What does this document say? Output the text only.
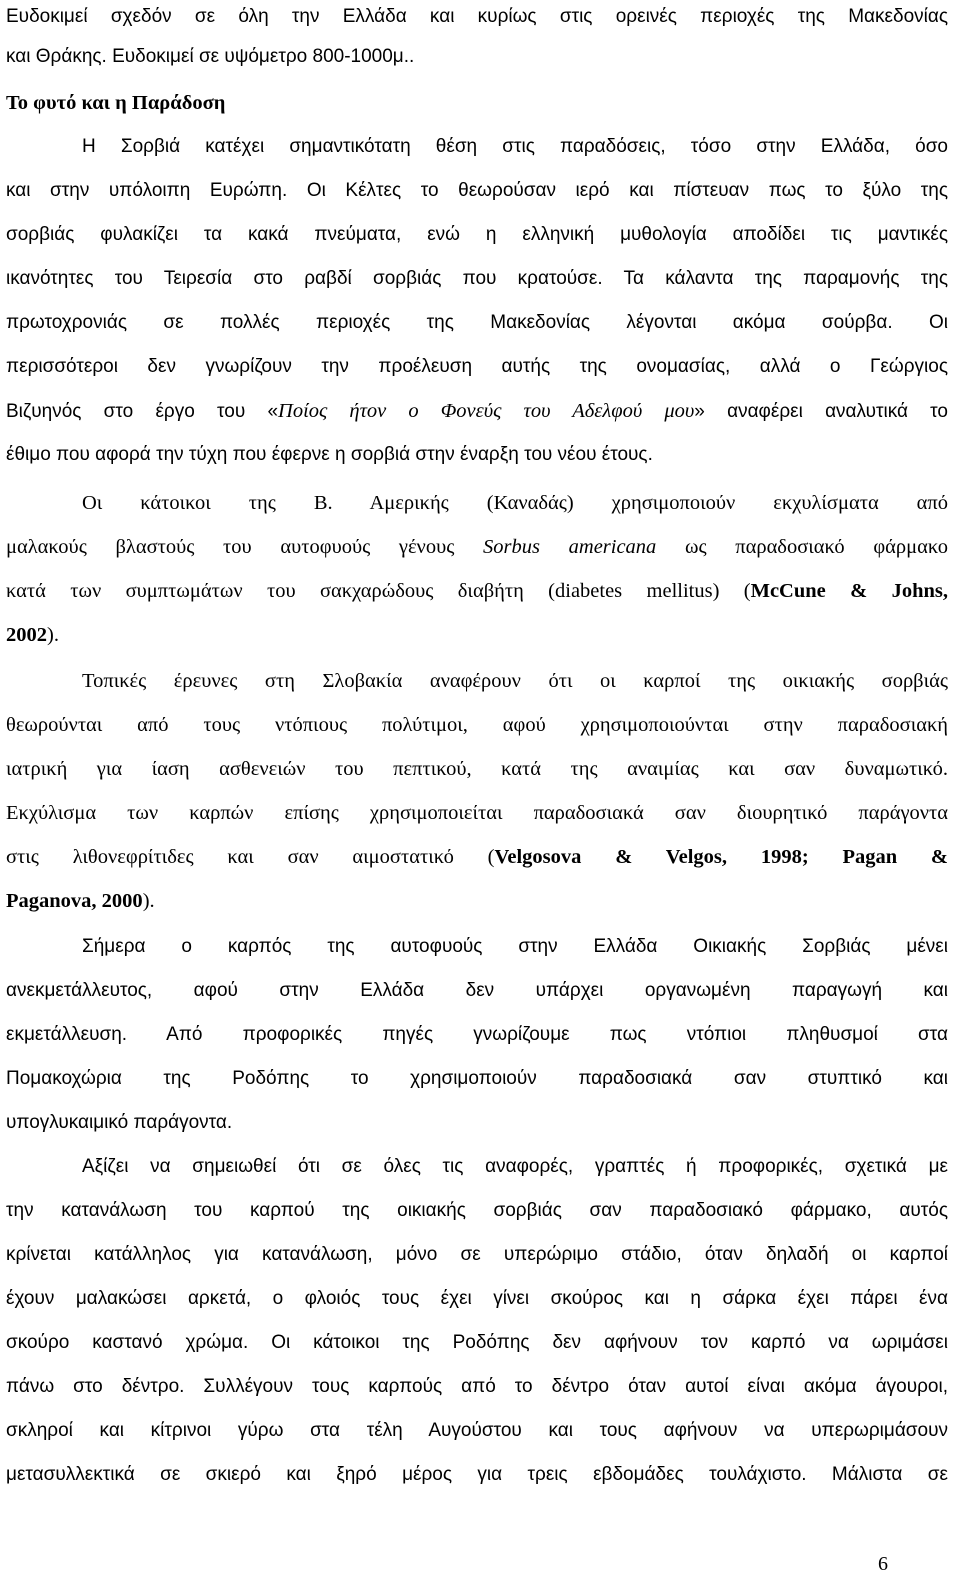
Ευδοκιμεί σχεδόν σε όλη την Ελλάδα και κυρίως στις ορεινές περιοχές της Μακεδονίας
και Θράκης. Ευδοκιμεί σε υψόμετρο 800-1000μ..
Το φυτό και η Παράδοση
Η Σορβιά κατέχει σημαντικότατη θέση στις παραδόσεις, τόσο στην Ελλάδα, όσο
και στην υπόλοιπη Ευρώπη. Οι Κέλτες το θεωρούσαν ιερό και πίστευαν πως το ξύλο της
σορβιάς φυλακίζει τα κακά πνεύματα, ενώ η ελληνική μυθολογία αποδίδει τις μαντικές
ικανότητες του Τειρεσία στο ραβδί σορβιάς που κρατούσε. Τα κάλαντα της παραμονής της
πρωτοχρονιάς σε πολλές περιοχές της Μακεδονίας λέγονται ακόμα σούρβα. Οι
περισσότεροι δεν γνωρίζουν την προέλευση αυτής της ονομασίας, αλλά ο Γεώργιος
Βιζυηνός στο έργο του «Ποίος ήτον ο Φονεύς του Αδελφού μου» αναφέρει αναλυτικά το
έθιμο που αφορά την τύχη που έφερνε η σορβιά στην έναρξη του νέου έτους.
Οι κάτοικοι της Β. Αμερικής (Καναδάς) χρησιμοποιούν εκχυλίσματα από
μαλακούς βλαστούς του αυτοφυούς γένους Sorbus americana ως παραδοσιακό φάρμακο
κατά των συμπτωμάτων του σακχαρώδους διαβήτη (diabetes mellitus) (McCune & Johns,
2002).
Τοπικές έρευνες στη Σλοβακία αναφέρουν ότι οι καρποί της οικιακής σορβιάς
θεωρούνται από τους ντόπιους πολύτιμοι, αφού χρησιμοποιούνται στην παραδοσιακή
ιατρική για ίαση ασθενειών του πεπτικού, κατά της αναιμίας και σαν δυναμωτικό.
Εκχύλισμα των καρπών επίσης χρησιμοποιείται παραδοσιακά σαν διουρητικό παράγοντα
στις λιθονεφρίτιδες και σαν αιμοστατικό (Velgosova & Velgos, 1998; Pagan &
Paganova, 2000).
Σήμερα ο καρπός της αυτοφυούς στην Ελλάδα Οικιακής Σορβιάς μένει
ανεκμετάλλευτος, αφού στην Ελλάδα δεν υπάρχει οργανωμένη παραγωγή και
εκμετάλλευση. Από προφορικές πηγές γνωρίζουμε πως ντόπιοι πληθυσμοί στα
Πομακοχώρια της Ροδόπης το χρησιμοποιούν παραδοσιακά σαν στυπτικό και
υπογλυκαιμικό παράγοντα.
Αξίζει να σημειωθεί ότι σε όλες τις αναφορές, γραπτές ή προφορικές, σχετικά με
την κατανάλωση του καρπού της οικιακής σορβιάς σαν παραδοσιακό φάρμακο, αυτός
κρίνεται κατάλληλος για κατανάλωση, μόνο σε υπερώριμο στάδιο, όταν δηλαδή οι καρποί
έχουν μαλακώσει αρκετά, ο φλοιός τους έχει γίνει σκούρος και η σάρκα έχει πάρει ένα
σκούρο καστανό χρώμα. Οι κάτοικοι της Ροδόπης δεν αφήνουν τον καρπό να ωριμάσει
πάνω στο δέντρο. Συλλέγουν τους καρπούς από το δέντρο όταν αυτοί είναι ακόμα άγουροι,
σκληροί και κίτρινοι γύρω στα τέλη Αυγούστου και τους αφήνουν να υπερωριμάσουν
μετασυλλεκτικά σε σκιερό και ξηρό μέρος για τρεις εβδομάδες τουλάχιστο. Μάλιστα σε
6
